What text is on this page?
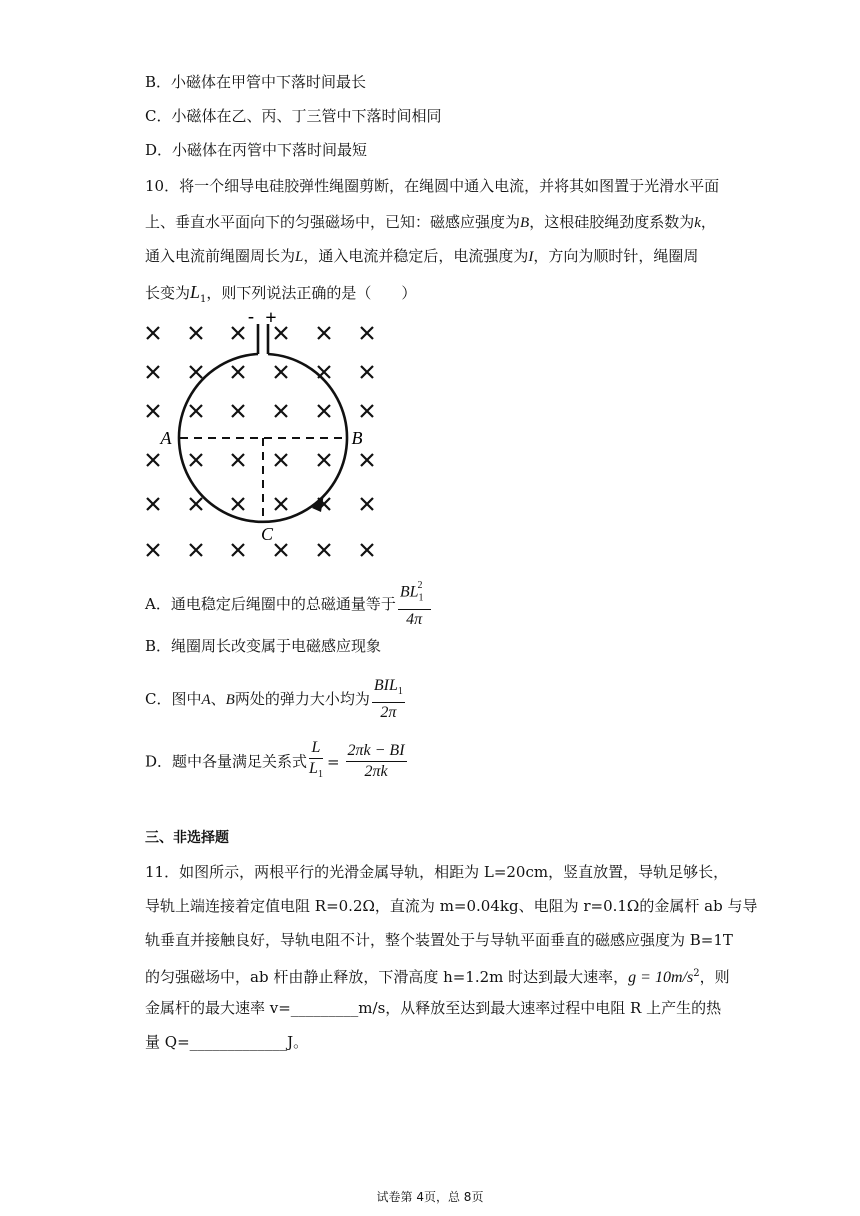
B．小磁体在甲管中下落时间最长
C．小磁体在乙、丙、丁三管中下落时间相同
D．小磁体在丙管中下落时间最短
10．将一个细导电硅胶弹性绳圈剪断，在绳圆中通入电流，并将其如图置于光滑水平面
上、垂直水平面向下的匀强磁场中，已知：磁感应强度为B，这根硅胶绳劲度系数为k，
通入电流前绳圈周长为L，通入电流并稳定后，电流强度为I，方向为顺时针，绳圈周
长变为$L_1$，则下列说法正确的是（　　）
- +
A	B
C
A．通电稳定后绳圈中的总磁通量等于 $\frac{BL_1^2}{4\pi}$
B．绳圈周长改变属于电磁感应现象
C．图中A、B两处的弹力大小均为 $\frac{BIL_1}{2\pi}$
D．题中各量满足关系式 $\frac{L}{L_1} = \frac{2\pi k - BI}{2\pi k}$
三、非选择题
11．如图所示，两根平行的光滑金属导轨，相距为 L=20cm，竖直放置，导轨足够长，
导轨上端连接着定值电阻 R=0.2Ω，直流为 m=0.04kg、电阻为 r=0.1Ω的金属杆 ab 与导
轨垂直并接触良好，导轨电阻不计，整个装置处于与导轨平面垂直的磁感应强度为 B=1T
的匀强磁场中，ab 杆由静止释放，下滑高度 h=1.2m 时达到最大速率，$g = 10m/s^2$，则
金属杆的最大速率 v=_________m/s，从释放至达到最大速率过程中电阻 R 上产生的热
量 Q=_____________J。
试卷第 4页，总 8页
